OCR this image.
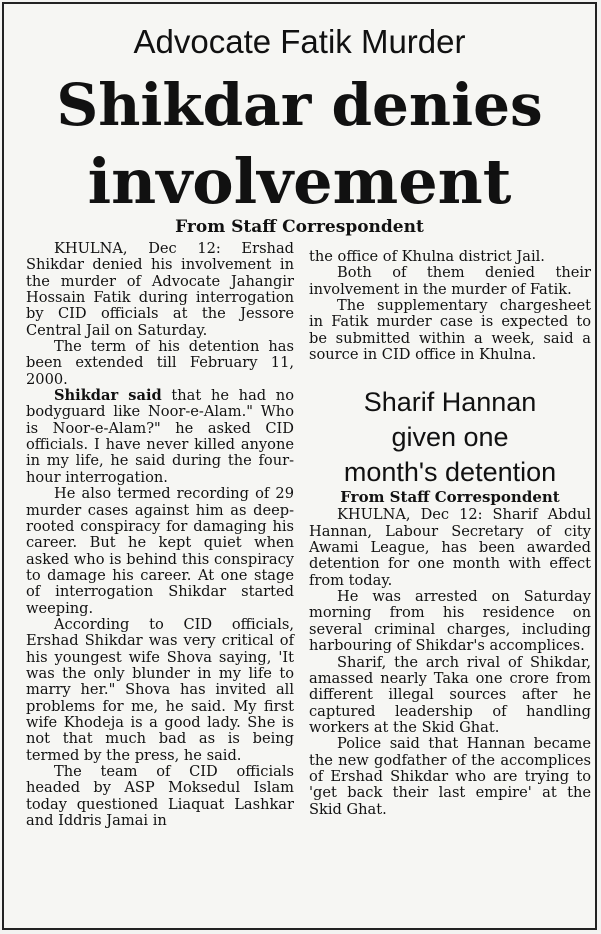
Advocate Fatik Murder
Shikdar denies
involvement
From Staff Correspondent

KHULNA, Dec 12: Ershad Shikdar denied his involvement in the murder of Advocate Jahangir Hossain Fatik during interrogation by CID officials at the Jessore Central Jail on Saturday.

The term of his detention has been extended till February 11, 2000.

Shikdar said that he had no bodyguard like Noor-e-Alam." Who is Noor-e-Alam?" he asked CID officials. I have never killed anyone in my life, he said during the four-hour interrogation.

He also termed recording of 29 murder cases against him as deep-rooted conspiracy for damaging his career. But he kept quiet when asked who is behind this conspiracy to damage his career. At one stage of interrogation Shikdar started weeping.

According to CID officials, Ershad Shikdar was very critical of his youngest wife Shova saying, 'It was the only blunder in my life to marry her." Shova has invited all problems for me, he said. My first wife Khodeja is a good lady. She is not that much bad as is being termed by the press, he said.

The team of CID officials headed by ASP Moksedul Islam today questioned Liaquat Lashkar and Iddris Jamai in

the office of Khulna district Jail.

Both of them denied their involvement in the murder of Fatik.

The supplementary chargesheet in Fatik murder case is expected to be submitted within a week, said a source in CID office in Khulna.

Sharif Hannan
given one
month's detention
From Staff Correspondent

KHULNA, Dec 12: Sharif Abdul Hannan, Labour Secretary of city Awami League, has been awarded detention for one month with effect from today.

He was arrested on Saturday morning from his residence on several criminal charges, including harbouring of Shikdar's accomplices.

Sharif, the arch rival of Shikdar, amassed nearly Taka one crore from different illegal sources after he captured leadership of handling workers at the Skid Ghat.

Police said that Hannan became the new godfather of the accomplices of Ershad Shikdar who are trying to 'get back their last empire' at the Skid Ghat.
